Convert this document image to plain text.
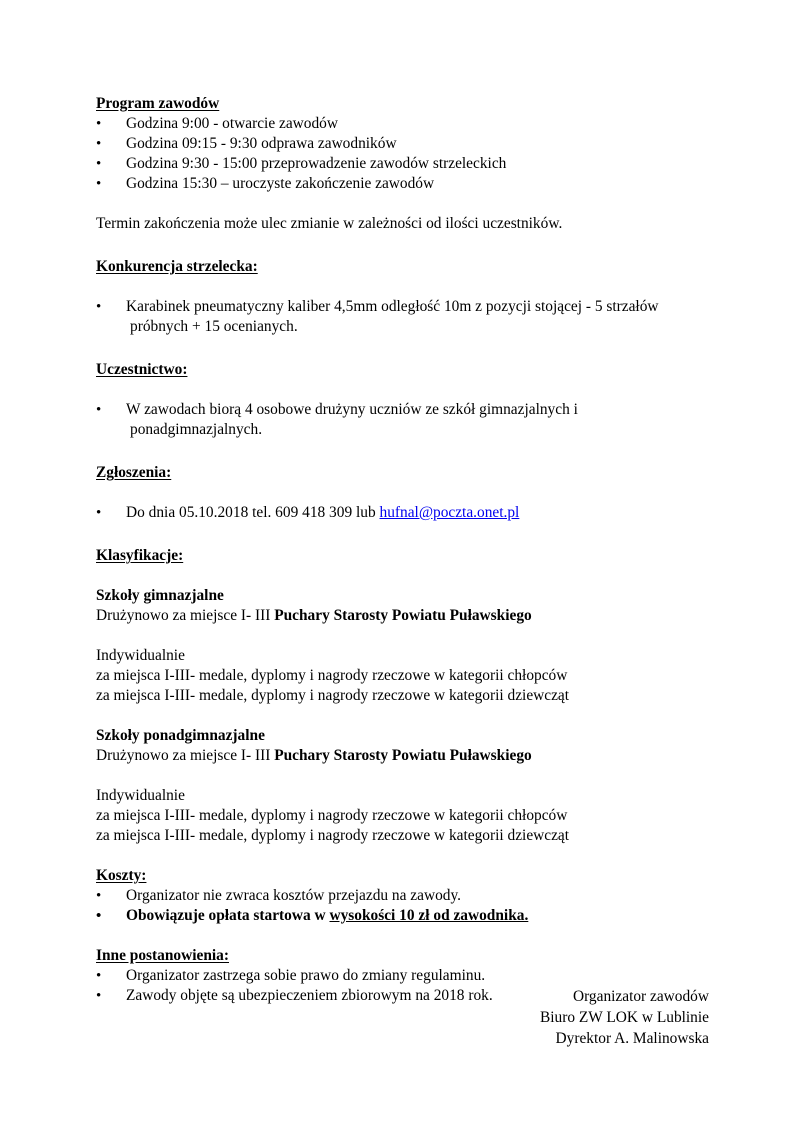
Program zawodów
•
Godzina 9:00 - otwarcie zawodów
•
Godzina 09:15 - 9:30 odprawa zawodników
•
Godzina 9:30 - 15:00 przeprowadzenie zawodów strzeleckich
•
Godzina 15:30 – uroczyste zakończenie zawodów
Termin zakończenia może ulec zmianie w zależności od ilości uczestników.
Konkurencja strzelecka:
•
Karabinek pneumatyczny kaliber 4,5mm odległość 10m z pozycji stojącej - 5 strzałów
próbnych + 15 ocenianych.
Uczestnictwo:
•
W zawodach biorą 4 osobowe drużyny uczniów ze szkół gimnazjalnych i
ponadgimnazjalnych.
Zgłoszenia:
•
Do dnia 05.10.2018 tel. 609 418 309 lub hufnal@poczta.onet.pl
Klasyfikacje:
Szkoły gimnazjalne
Drużynowo za miejsce I- III Puchary Starosty Powiatu Puławskiego
Indywidualnie
za miejsca I-III- medale, dyplomy i nagrody rzeczowe w kategorii chłopców
za miejsca I-III- medale, dyplomy i nagrody rzeczowe w kategorii dziewcząt
Szkoły ponadgimnazjalne
Drużynowo za miejsce I- III Puchary Starosty Powiatu Puławskiego
Indywidualnie
za miejsca I-III- medale, dyplomy i nagrody rzeczowe w kategorii chłopców
za miejsca I-III- medale, dyplomy i nagrody rzeczowe w kategorii dziewcząt
Koszty:
•
Organizator nie zwraca kosztów przejazdu na zawody.
•
Obowiązuje opłata startowa w wysokości 10 zł od zawodnika.
Inne postanowienia:
•
Organizator zastrzega sobie prawo do zmiany regulaminu.
•
Zawody objęte są ubezpieczeniem zbiorowym na 2018 rok.	Organizator zawodów
Biuro ZW LOK w Lublinie
Dyrektor A. Malinowska
